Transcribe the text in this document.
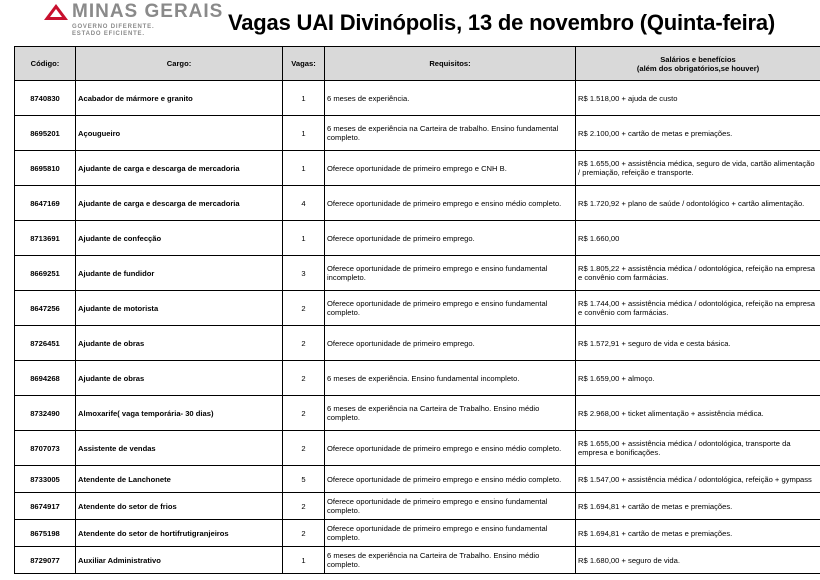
MINAS GERAIS
GOVERNO DIFERENTE.
ESTADO EFICIENTE.	Vagas UAI Divinópolis, 13 de novembro (Quinta-feira)
Código:	Cargo:	Vagas:	Requisitos:	Salários e benefícios
(além dos obrigatórios,se houver)

8740830	Acabador de mármore e granito	1	6 meses de experiência.	R$ 1.518,00 + ajuda de custo
8695201	Açougueiro	1	6 meses de experiência na Carteira de trabalho. Ensino fundamental completo.	R$ 2.100,00 + cartão de metas e premiações.
8695810	Ajudante de carga e descarga de mercadoria	1	Oferece oportunidade de primeiro emprego e CNH B.	R$ 1.655,00 + assistência médica, seguro de vida, cartão alimentação / premiação, refeição e transporte.
8647169	Ajudante de carga e descarga de mercadoria	4	Oferece oportunidade de primeiro emprego e ensino médio completo.	R$ 1.720,92 + plano de saúde / odontológico + cartão alimentação.
8713691	Ajudante de confecção	1	Oferece oportunidade de primeiro emprego.	R$ 1.660,00
8669251	Ajudante de fundidor	3	Oferece oportunidade de primeiro emprego e ensino fundamental incompleto.	R$ 1.805,22 + assistência médica / odontológica, refeição na empresa e convênio com farmácias.
8647256	Ajudante de motorista	2	Oferece oportunidade de primeiro emprego e ensino fundamental completo.	R$ 1.744,00 + assistência médica / odontológica, refeição na empresa e convênio com farmácias.
8726451	Ajudante de obras	2	Oferece oportunidade de primeiro emprego.	R$ 1.572,91 + seguro de vida e cesta básica.
8694268	Ajudante de obras	2	6 meses de experiência. Ensino fundamental incompleto.	R$ 1.659,00 + almoço.
8732490	Almoxarife( vaga temporária- 30 dias)	2	6 meses de experiência na Carteira de Trabalho. Ensino médio completo.	R$ 2.968,00 + ticket alimentação + assistência médica.
8707073	Assistente de vendas	2	Oferece oportunidade de primeiro emprego e ensino médio completo.	R$ 1.655,00 + assistência médica / odontológica, transporte da empresa e bonificações.
8733005	Atendente de Lanchonete	5	Oferece oportunidade de primeiro emprego e ensino médio completo.	R$ 1.547,00 + assistência médica / odontológica, refeição + gympass
8674917	Atendente do setor de frios	2	Oferece oportunidade de primeiro emprego e ensino fundamental completo.	R$ 1.694,81 + cartão de metas e premiações.
8675198	Atendente do setor de hortifrutigranjeiros	2	Oferece oportunidade de primeiro emprego e ensino fundamental completo.	R$ 1.694,81 + cartão de metas e premiações.
8729077	Auxiliar Administrativo	1	6 meses de experiência na Carteira de Trabalho. Ensino médio completo.	R$ 1.680,00 + seguro de vida.
